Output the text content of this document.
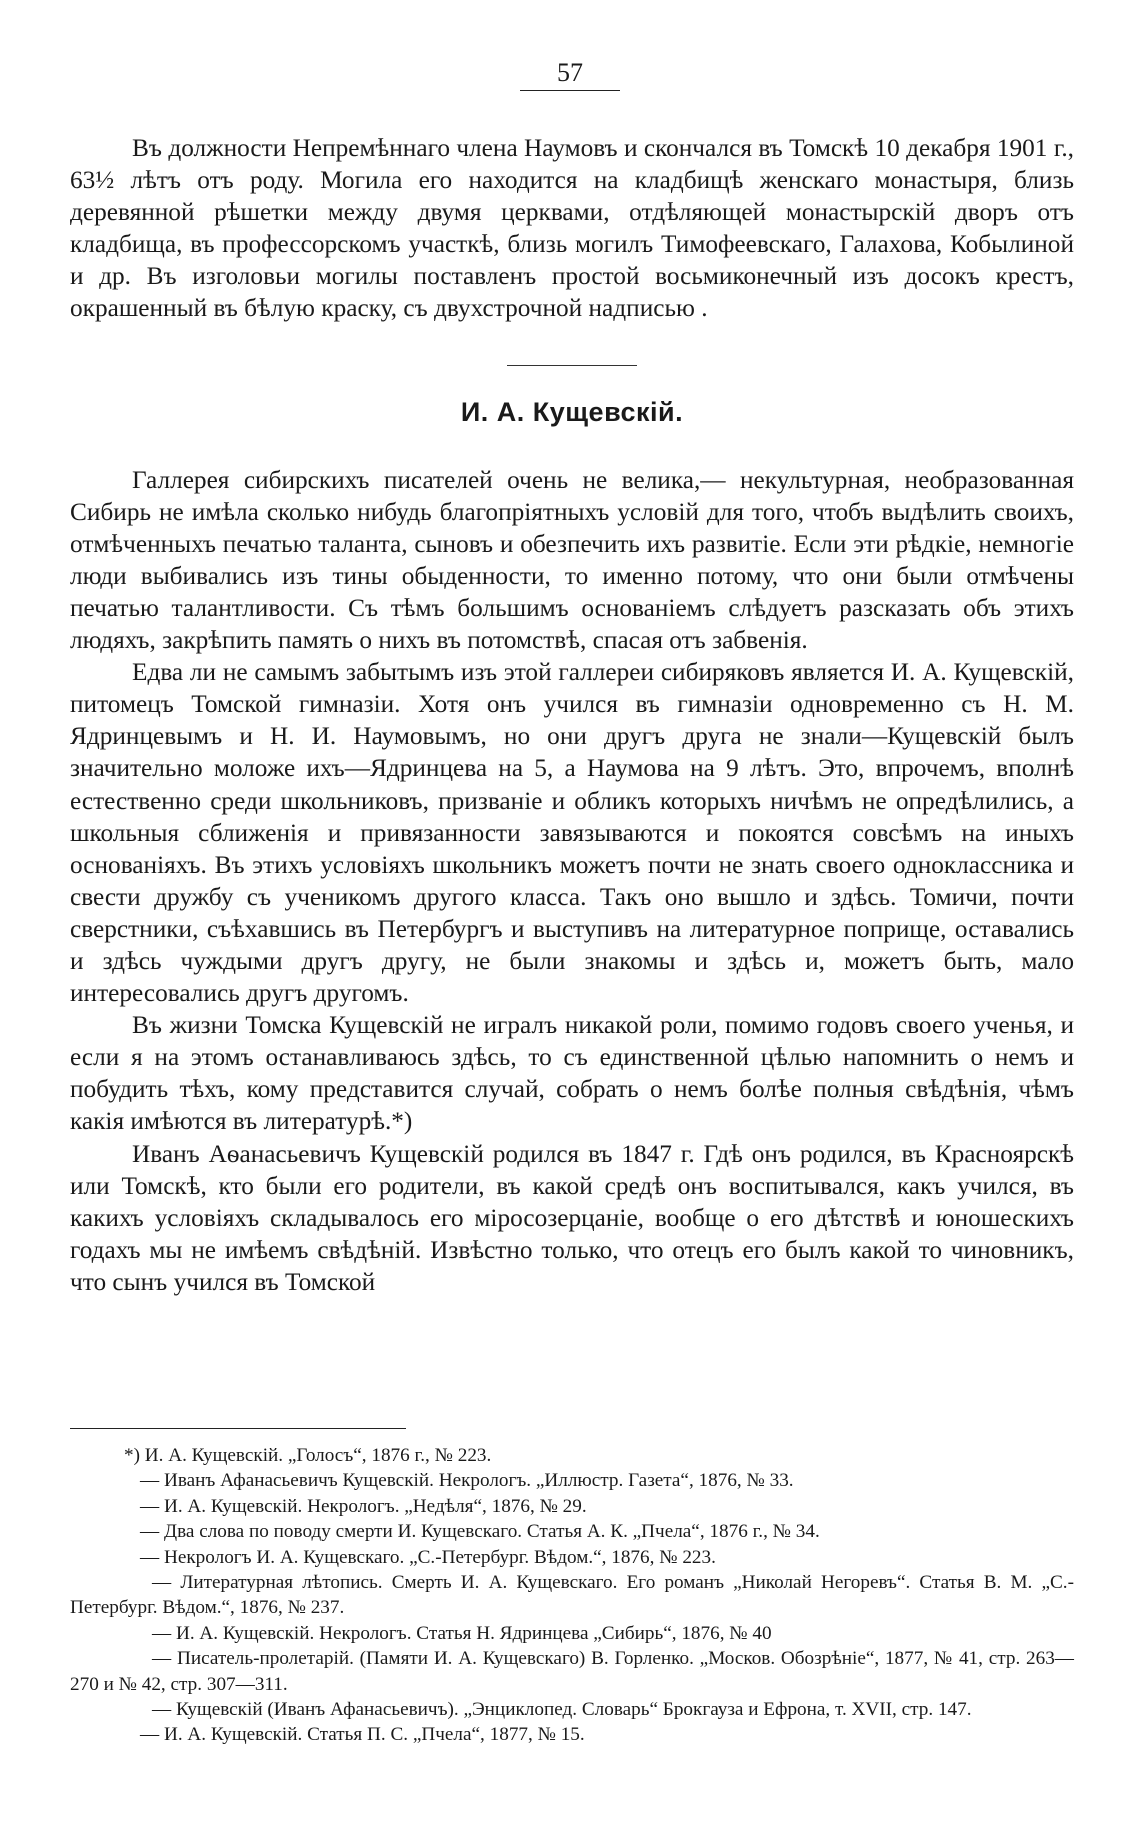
57

Въ должности Непремѣннаго члена Наумовъ и скончался въ Томскѣ 10 декабря 1901 г., 63½ лѣтъ отъ роду. Могила его находится на кладбищѣ женскаго монастыря, близь деревянной рѣшетки между двумя церквами, отдѣляющей монастырскій дворъ отъ кладбища, въ профессорскомъ участкѣ, близь могилъ Тимофеевскаго, Галахова, Кобылиной и др. Въ изголовьи могилы поставленъ простой восьмиконечный изъ досокъ крестъ, окрашенный въ бѣлую краску, съ двухстрочной надписью .

И. А. Кущевскій.

Галлерея сибирскихъ писателей очень не велика,— некультурная, необразованная Сибирь не имѣла сколько нибудь благопріятныхъ условій для того, чтобъ выдѣлить своихъ, отмѣченныхъ печатью таланта, сыновъ и обезпечить ихъ развитіе. Если эти рѣдкіе, немногіе люди выбивались изъ тины обыденности, то именно потому, что они были отмѣчены печатью талантливости. Съ тѣмъ большимъ основаніемъ слѣдуетъ разсказать объ этихъ людяхъ, закрѣпить память о нихъ въ потомствѣ, спасая отъ забвенія.

Едва ли не самымъ забытымъ изъ этой галлереи сибиряковъ является И. А. Кущевскій, питомецъ Томской гимназіи. Хотя онъ учился въ гимназіи одновременно съ Н. М. Ядринцевымъ и Н. И. Наумовымъ, но они другъ друга не знали—Кущевскій былъ значительно моложе ихъ—Ядринцева на 5, а Наумова на 9 лѣтъ. Это, впрочемъ, вполнѣ естественно среди школьниковъ, призваніе и обликъ которыхъ ничѣмъ не опредѣлились, а школьныя сближенія и привязанности завязываются и покоятся совсѣмъ на иныхъ основаніяхъ. Въ этихъ условіяхъ школьникъ можетъ почти не знать своего одноклассника и свести дружбу съ ученикомъ другого класса. Такъ оно вышло и здѣсь. Томичи, почти сверстники, съѣхавшись въ Петербургъ и выступивъ на литературное поприще, оставались и здѣсь чуждыми другъ другу, не были знакомы и здѣсь и, можетъ быть, мало интересовались другъ другомъ.

Въ жизни Томска Кущевскій не игралъ никакой роли, помимо годовъ своего ученья, и если я на этомъ останавливаюсь здѣсь, то съ единственной цѣлью напомнить о немъ и побудить тѣхъ, кому представится случай, собрать о немъ болѣе полныя свѣдѣнія, чѣмъ какія имѣются въ литературѣ.*)

Иванъ Аѳанасьевичъ Кущевскій родился въ 1847 г. Гдѣ онъ родился, въ Красноярскѣ или Томскѣ, кто были его родители, въ какой средѣ онъ воспитывался, какъ учился, въ какихъ условіяхъ складывалось его міросозерцаніе, вообще о его дѣтствѣ и юношескихъ годахъ мы не имѣемъ свѣдѣній. Извѣстно только, что отецъ его былъ какой то чиновникъ, что сынъ учился въ Томской

*) И. А. Кущевскій. „Голосъ“, 1876 г., № 223.

— Иванъ Афанасьевичъ Кущевскій. Некрологъ. „Иллюстр. Газета“, 1876, № 33.

— И. А. Кущевскій. Некрологъ. „Недѣля“, 1876, № 29.

— Два слова по поводу смерти И. Кущевскаго. Статья А. К. „Пчела“, 1876 г., № 34.

— Некрологъ И. А. Кущевскаго. „С.-Петербург. Вѣдом.“, 1876, № 223.

— Литературная лѣтопись. Смерть И. А. Кущевскаго. Его романъ „Николай Негоревъ“. Статья В. М. „С.-Петербург. Вѣдом.“, 1876, № 237.

— И. А. Кущевскій. Некрологъ. Статья Н. Ядринцева „Сибирь“, 1876, № 40

— Писатель-пролетарій. (Памяти И. А. Кущевскаго) В. Горленко. „Москов. Обозрѣніе“, 1877, № 41, стр. 263—270 и № 42, стр. 307—311.

— Кущевскій (Иванъ Афанасьевичъ). „Энциклопед. Словарь“ Брокгауза и Ефрона, т. XVII, стр. 147.

— И. А. Кущевскій. Статья П. С. „Пчела“, 1877, № 15.
